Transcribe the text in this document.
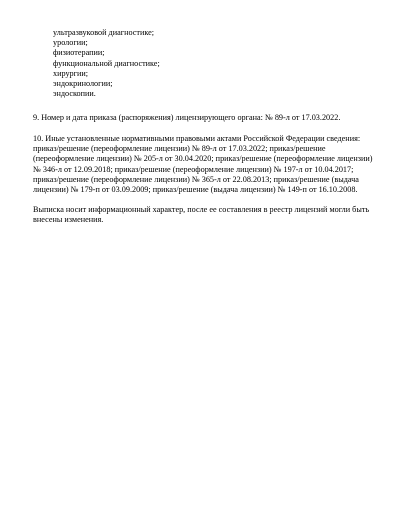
ультразвуковой диагностике;
урологии;
физиотерапии;
функциональной диагностике;
хирургии;
эндокринологии;
эндоскопии.
9. Номер и дата приказа (распоряжения) лицензирующего органа: № 89-л от 17.03.2022.
10. Иные установленные нормативными правовыми актами Российской Федерации сведения:
приказ/решение (переоформление лицензии) № 89-л от 17.03.2022; приказ/решение
(переоформление лицензии) № 205-л от 30.04.2020; приказ/решение (переоформление лицензии)
№ 346-л от 12.09.2018; приказ/решение (переоформление лицензии) № 197-л от 10.04.2017;
приказ/решение (переоформление лицензии) № 365-л от 22.08.2013; приказ/решение (выдача
лицензии) № 179-п от 03.09.2009; приказ/решение (выдача лицензии) № 149-п от 16.10.2008.
Выписка носит информационный характер, после ее составления в реестр лицензий могли быть
внесены изменения.
